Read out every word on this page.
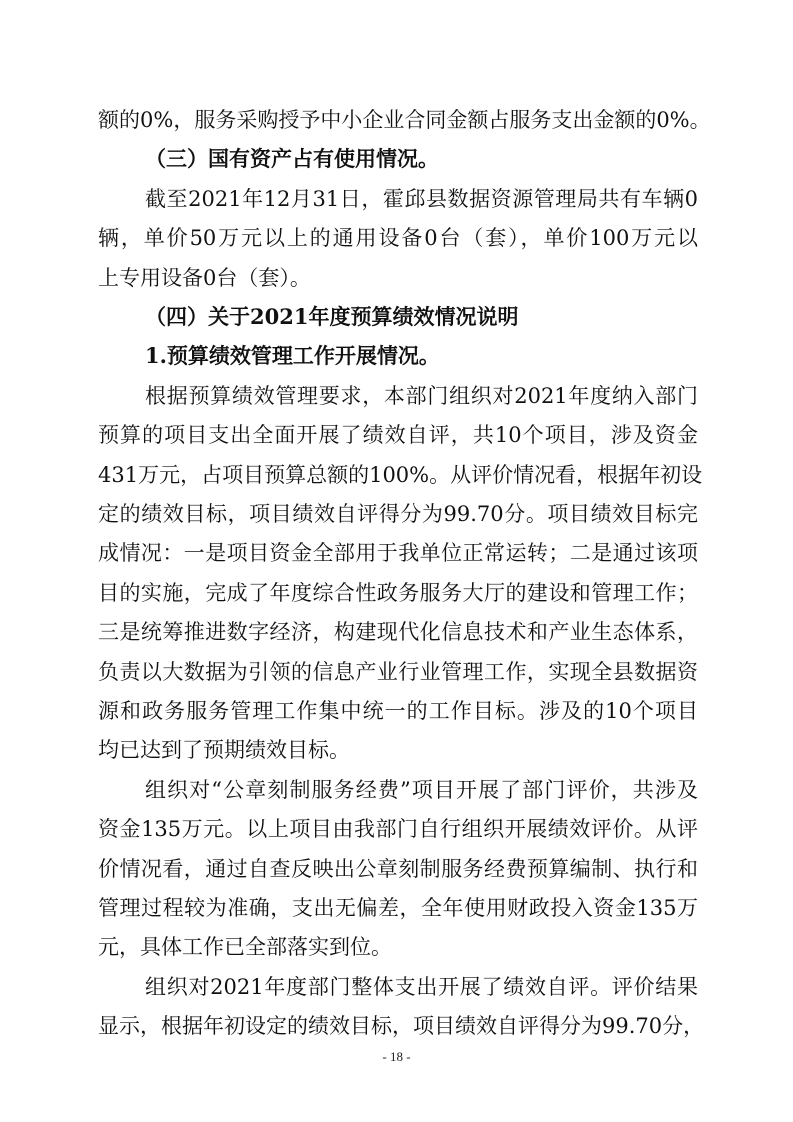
额的0%，服务采购授予中小企业合同金额占服务支出金额的0%。
（三）国有资产占有使用情况。
截至2021年12月31日，霍邱县数据资源管理局共有车辆0
辆，单价50万元以上的通用设备0台（套），单价100万元以
上专用设备0台（套）。
（四）关于2021年度预算绩效情况说明
1.预算绩效管理工作开展情况。
根据预算绩效管理要求，本部门组织对2021年度纳入部门
预算的项目支出全面开展了绩效自评，共10个项目，涉及资金
431万元，占项目预算总额的100%。从评价情况看，根据年初设
定的绩效目标，项目绩效自评得分为99.70分。项目绩效目标完
成情况：一是项目资金全部用于我单位正常运转；二是通过该项
目的实施，完成了年度综合性政务服务大厅的建设和管理工作；
三是统筹推进数字经济，构建现代化信息技术和产业生态体系，
负责以大数据为引领的信息产业行业管理工作，实现全县数据资
源和政务服务管理工作集中统一的工作目标。涉及的10个项目
均已达到了预期绩效目标。
组织对“公章刻制服务经费”项目开展了部门评价，共涉及
资金135万元。以上项目由我部门自行组织开展绩效评价。从评
价情况看，通过自查反映出公章刻制服务经费预算编制、执行和
管理过程较为准确，支出无偏差，全年使用财政投入资金135万
元，具体工作已全部落实到位。
组织对2021年度部门整体支出开展了绩效自评。评价结果
显示，根据年初设定的绩效目标，项目绩效自评得分为99.70分，
- 18 -
